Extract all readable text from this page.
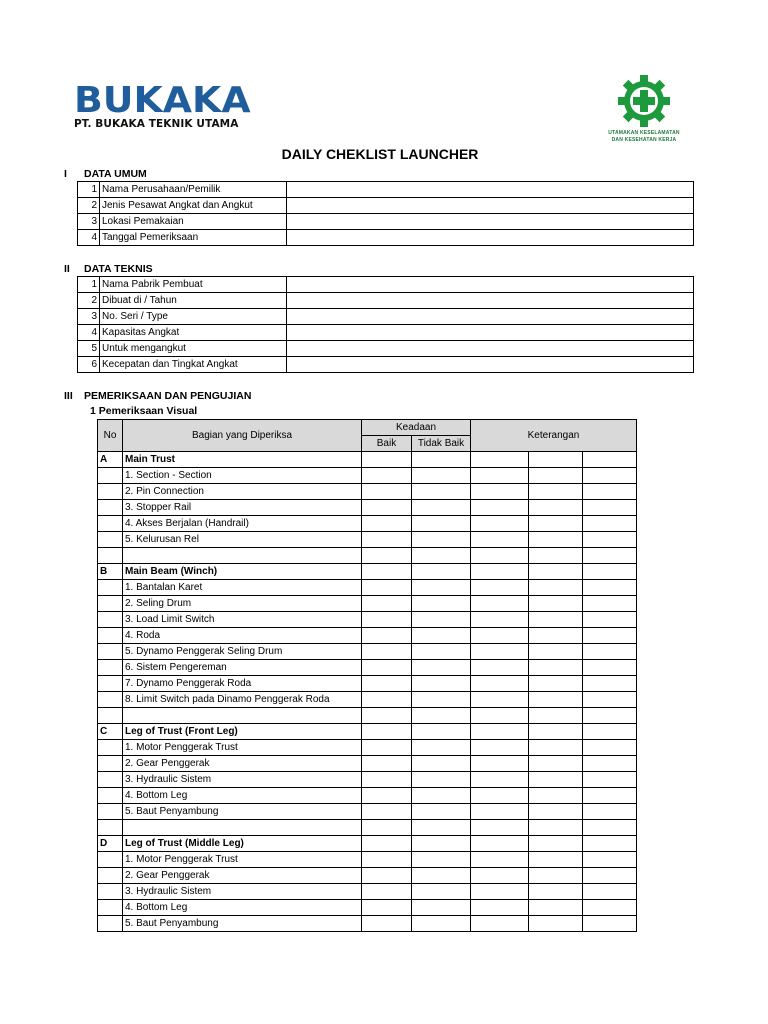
BUKAKA
PT. BUKAKA TEKNIK UTAMA
UTAMAKAN KESELAMATAN
DAN KESEHATAN KERJA
DAILY CHEKLIST LAUNCHER
I DATA UMUM
1	Nama Perusahaan/Pemilik	
2	Jenis Pesawat Angkat dan Angkut	
3	Lokasi Pemakaian	
4	Tanggal Pemeriksaan	
II DATA TEKNIS
1	Nama Pabrik Pembuat	
2	Dibuat di / Tahun	
3	No. Seri / Type	
4	Kapasitas Angkat	
5	Untuk mengangkut	
6	Kecepatan dan Tingkat Angkat	
III PEMERIKSAAN DAN PENGUJIAN
1 Pemeriksaan Visual
No	Bagian yang Diperiksa	Keadaan		Keterangan		
		Baik	Tidak Baik			
A	Main Trust					
	1. Section - Section					
	2. Pin Connection					
	3. Stopper Rail					
	4. Akses Berjalan (Handrail)					
	5. Kelurusan Rel					

B	Main Beam (Winch)					
	1. Bantalan Karet					
	2. Seling Drum					
	3. Load Limit Switch					
	4. Roda					
	5. Dynamo Penggerak Seling Drum					
	6. Sistem Pengereman					
	7. Dynamo Penggerak Roda					
	8. Limit Switch pada Dinamo Penggerak Roda					

C	Leg of Trust (Front Leg)					
	1. Motor Penggerak Trust					
	2. Gear Penggerak					
	3. Hydraulic Sistem					
	4. Bottom Leg					
	5. Baut Penyambung					

D	Leg of Trust (Middle Leg)					
	1. Motor Penggerak Trust					
	2. Gear Penggerak					
	3. Hydraulic Sistem					
	4. Bottom Leg					
	5. Baut Penyambung					
